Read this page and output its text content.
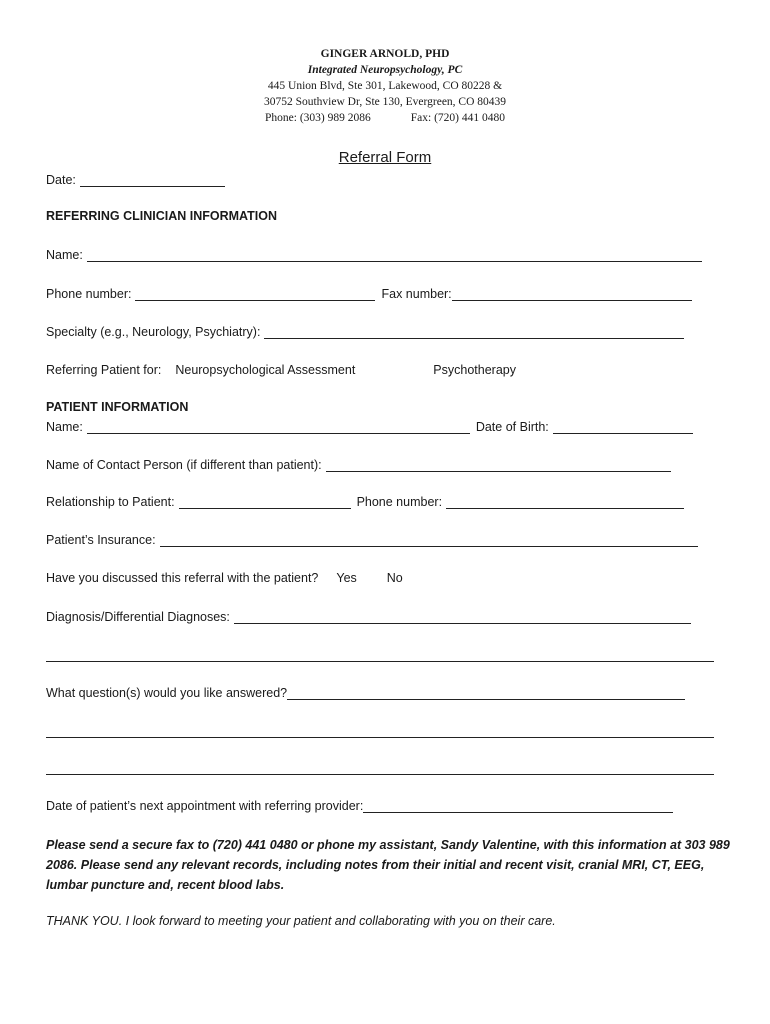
GINGER ARNOLD, PHD
Integrated Neuropsychology, PC
445 Union Blvd, Ste 301, Lakewood, CO 80228 &
30752 Southview Dr, Ste 130, Evergreen, CO 80439
Phone: (303) 989 2086	Fax: (720) 441 0480
Referral Form
Date:
REFERRING CLINICIAN INFORMATION
Name:
Phone number:	Fax number:
Specialty (e.g., Neurology, Psychiatry):
Referring Patient for: Neuropsychological Assessment	Psychotherapy
PATIENT INFORMATION
Name:	Date of Birth:
Name of Contact Person (if different than patient):
Relationship to Patient:	Phone number:
Patient’s Insurance:
Have you discussed this referral with the patient? Yes No
Diagnosis/Differential Diagnoses:
What question(s) would you like answered?
Date of patient’s next appointment with referring provider:
Please send a secure fax to (720) 441 0480 or phone my assistant, Sandy Valentine, with this information at 303 989 2086. Please send any relevant records, including notes from their initial and recent visit, cranial MRI, CT, EEG, lumbar puncture and, recent blood labs.
THANK YOU. I look forward to meeting your patient and collaborating with you on their care.
